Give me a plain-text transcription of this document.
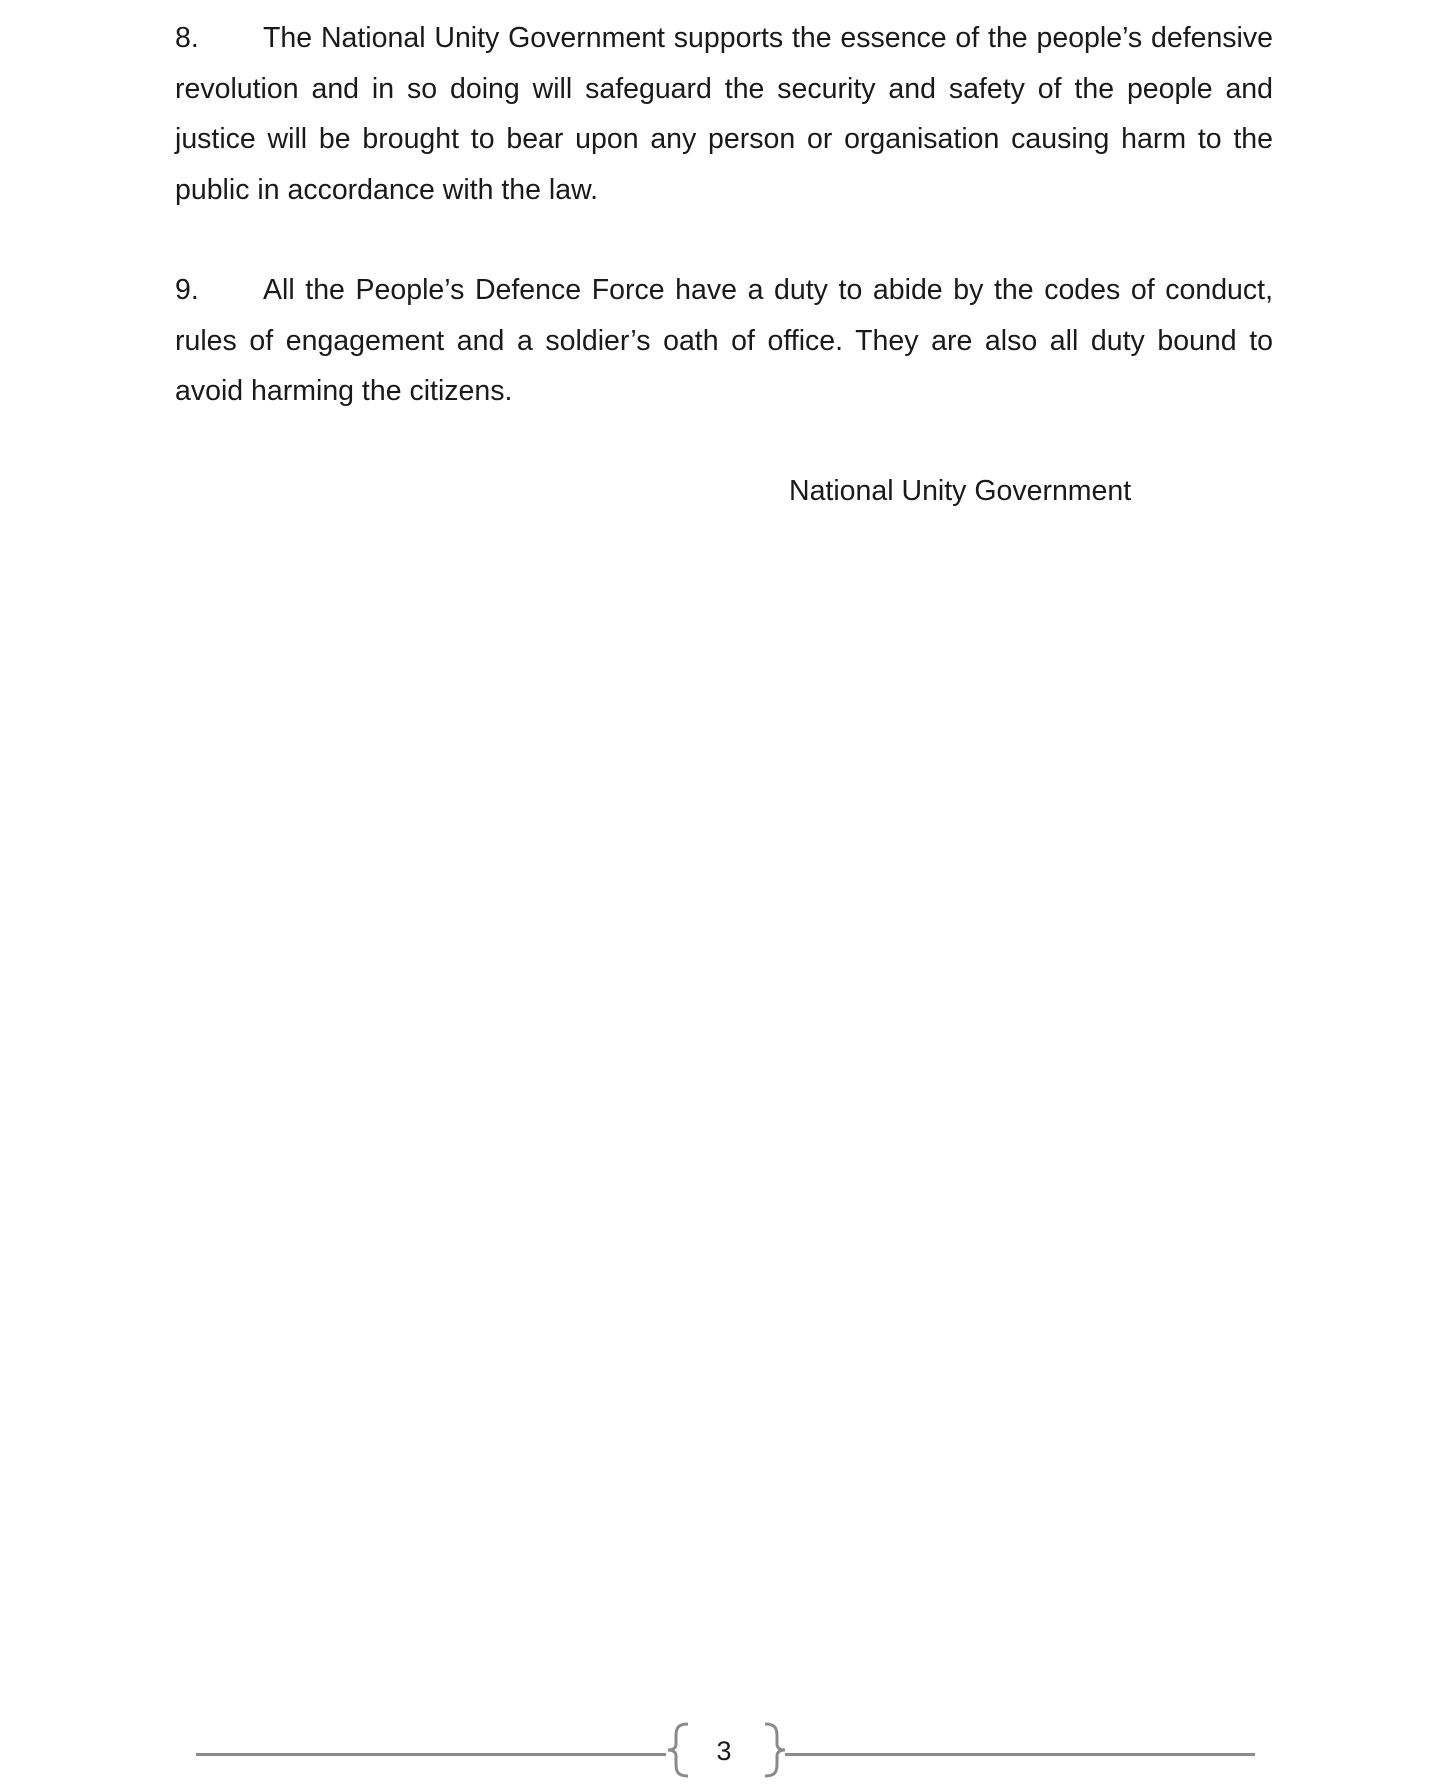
8. The National Unity Government supports the essence of the people’s defensive revolution and in so doing will safeguard the security and safety of the people and justice will be brought to bear upon any person or organisation causing harm to the public in accordance with the law.

9. All the People’s Defence Force have a duty to abide by the codes of conduct, rules of engagement and a soldier’s oath of office. They are also all duty bound to avoid harming the citizens.

National Unity Government
3
